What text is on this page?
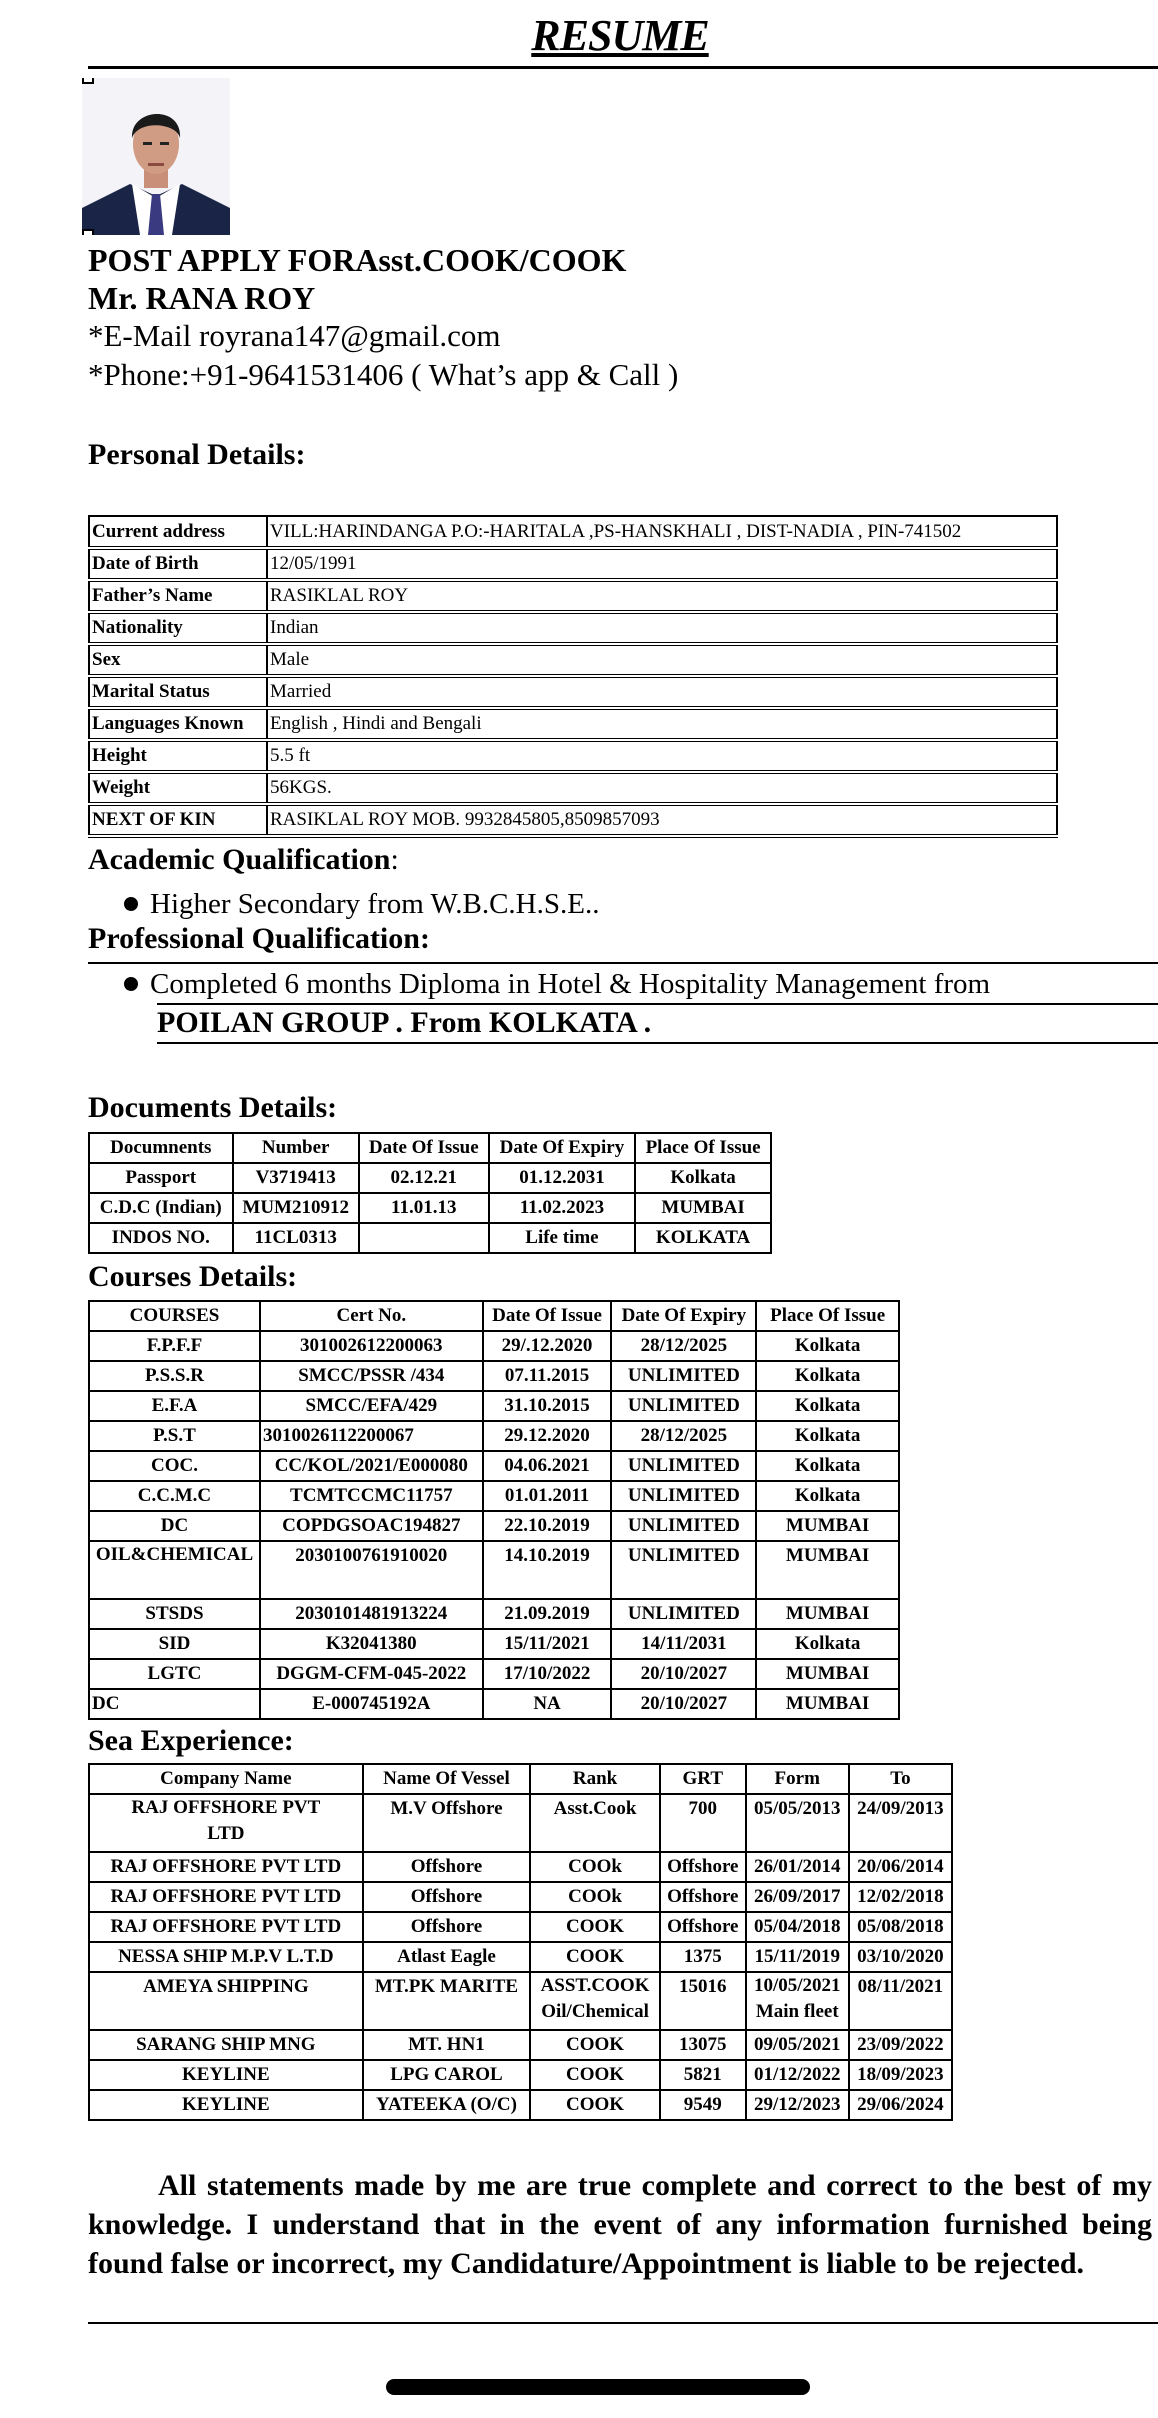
RESUME
POST APPLY FORAsst.COOK/COOK
Mr. RANA ROY
*E-Mail royrana147@gmail.com
*Phone:+91-9641531406 ( What’s app & Call )
Personal Details:
Current address	VILL:HARINDANGA P.O:-HARITALA ,PS-HANSKHALI , DIST-NADIA , PIN-741502
Date of Birth	12/05/1991
Father’s Name	RASIKLAL ROY
Nationality	Indian
Sex	Male
Marital Status	Married
Languages Known	English , Hindi and Bengali
Height	5.5 ft
Weight	56KGS.
NEXT OF KIN	RASIKLAL ROY MOB. 9932845805,8509857093
Academic Qualification:
Higher Secondary from W.B.C.H.S.E..
Professional Qualification:
Completed 6 months Diploma in Hotel & Hospitality Management from
POILAN GROUP . From KOLKATA .
Documents Details:
Documnents	Number	Date Of Issue	Date Of Expiry	Place Of Issue
Passport	V3719413	02.12.21	01.12.2031	Kolkata
C.D.C (Indian)	MUM210912	11.01.13	11.02.2023	MUMBAI
INDOS NO.	11CL0313		Life time	KOLKATA
Courses Details:
COURSES	Cert No.	Date Of Issue	Date Of Expiry	Place Of Issue
F.P.F.F	301002612200063	29/.12.2020	28/12/2025	Kolkata
P.S.S.R	SMCC/PSSR /434	07.11.2015	UNLIMITED	Kolkata
E.F.A	SMCC/EFA/429	31.10.2015	UNLIMITED	Kolkata
P.S.T	3010026112200067	29.12.2020	28/12/2025	Kolkata
COC.	CC/KOL/2021/E000080	04.06.2021	UNLIMITED	Kolkata
C.C.M.C	TCMTCCMC11757	01.01.2011	UNLIMITED	Kolkata
DC	COPDGSOAC194827	22.10.2019	UNLIMITED	MUMBAI
OIL&CHEMICAL	2030100761910020	14.10.2019	UNLIMITED	MUMBAI
STSDS	2030101481913224	21.09.2019	UNLIMITED	MUMBAI
SID	K32041380	15/11/2021	14/11/2031	Kolkata
LGTC	DGGM-CFM-045-2022	17/10/2022	20/10/2027	MUMBAI
DC	E-000745192A	NA	20/10/2027	MUMBAI
Sea Experience:
Company Name	Name Of Vessel	Rank	GRT	Form	To
RAJ OFFSHORE PVT LTD	M.V Offshore	Asst.Cook	700	05/05/2013	24/09/2013
RAJ OFFSHORE PVT LTD	Offshore	COOk	Offshore	26/01/2014	20/06/2014
RAJ OFFSHORE PVT LTD	Offshore	COOk	Offshore	26/09/2017	12/02/2018
RAJ OFFSHORE PVT LTD	Offshore	COOK	Offshore	05/04/2018	05/08/2018
NESSA SHIP M.P.V L.T.D	Atlast Eagle	COOK	1375	15/11/2019	03/10/2020
AMEYA SHIPPING	MT.PK MARITE	ASST.COOK Oil/Chemical	15016	10/05/2021 Main fleet	08/11/2021
SARANG SHIP MNG	MT. HN1	COOK	13075	09/05/2021	23/09/2022
KEYLINE	LPG CAROL	COOK	5821	01/12/2022	18/09/2023
KEYLINE	YATEEKA (O/C)	COOK	9549	29/12/2023	29/06/2024
All statements made by me are true complete and correct to the best of my knowledge. I understand that in the event of any information furnished being found false or incorrect, my Candidature/Appointment is liable to be rejected.
